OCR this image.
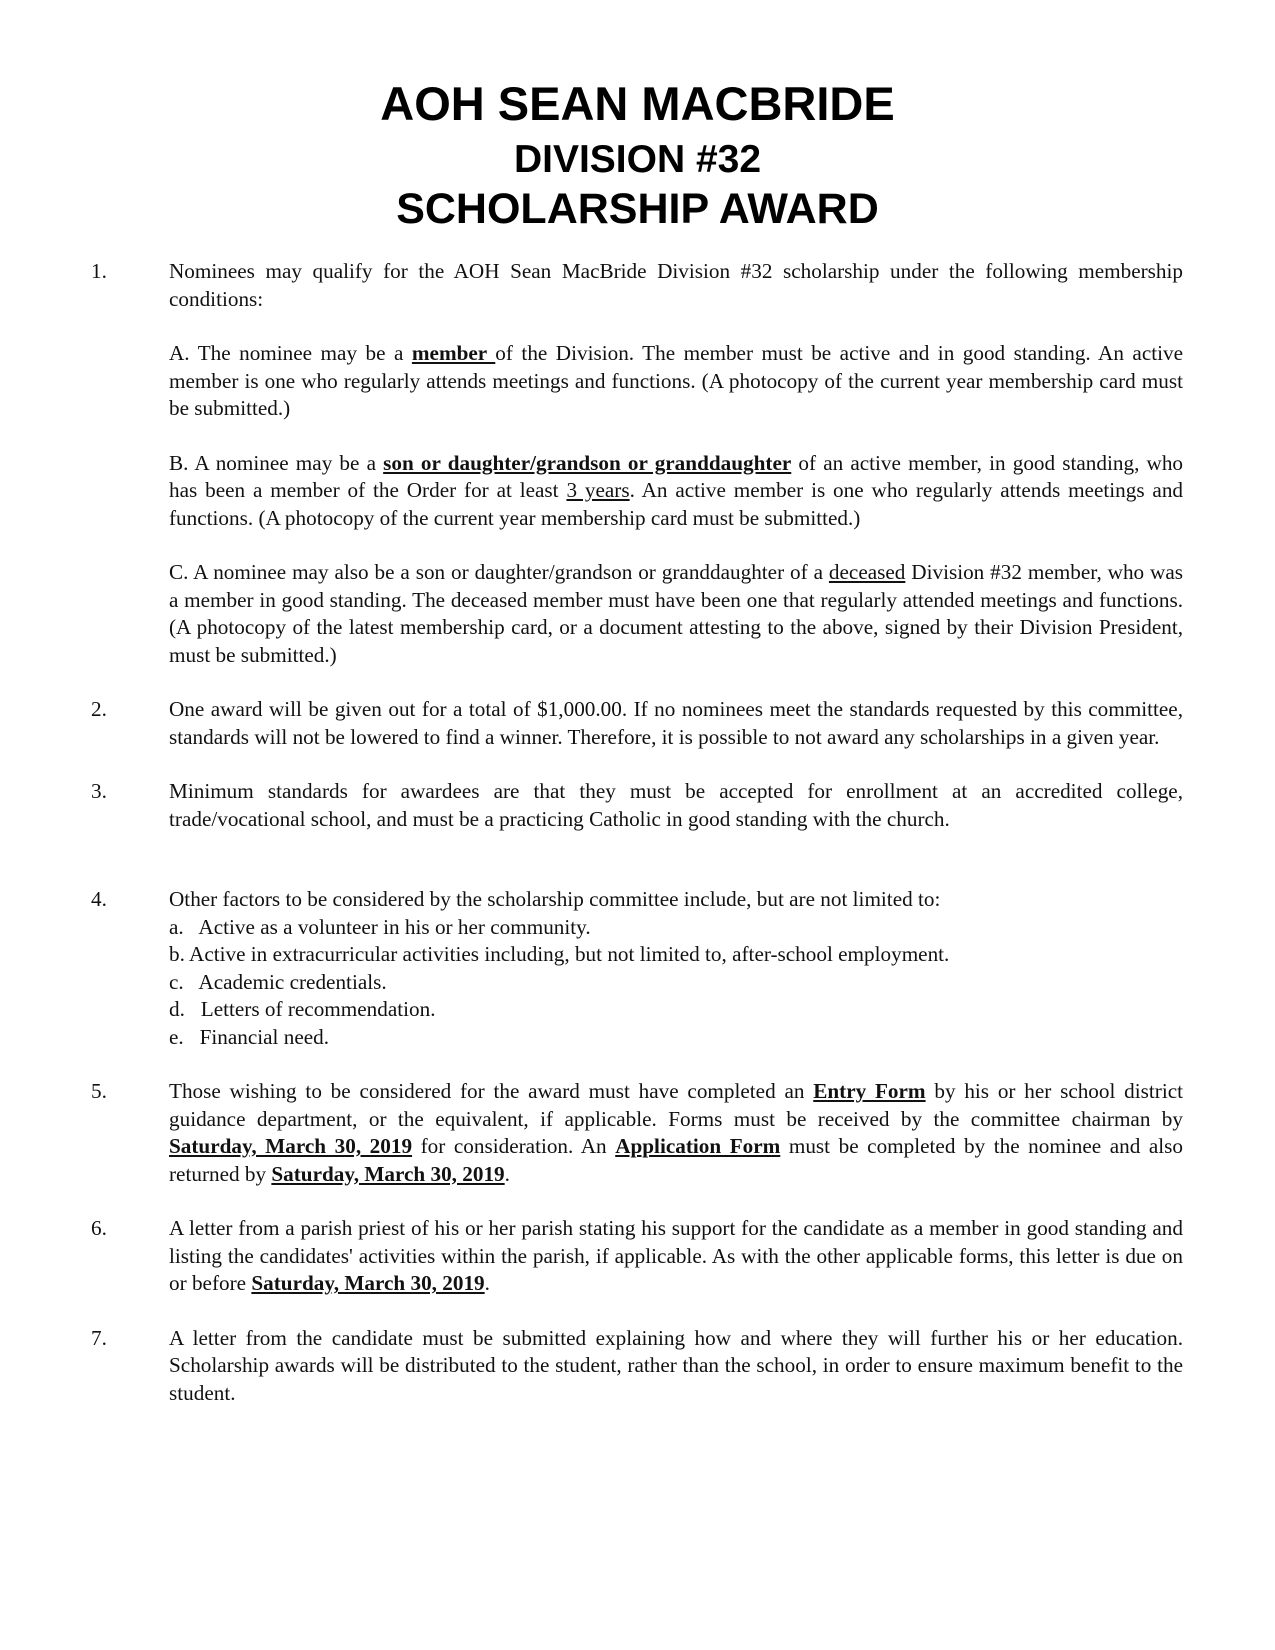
AOH SEAN MACBRIDE
DIVISION #32
SCHOLARSHIP AWARD
1.	Nominees may qualify for the AOH Sean MacBride Division #32 scholarship under the following membership conditions:
A. The nominee may be a member of the Division. The member must be active and in good standing. An active member is one who regularly attends meetings and functions. (A photocopy of the current year membership card must be submitted.)
B. A nominee may be a son or daughter/grandson or granddaughter of an active member, in good standing, who has been a member of the Order for at least 3 years. An active member is one who regularly attends meetings and functions. (A photocopy of the current year membership card must be submitted.)
C. A nominee may also be a son or daughter/grandson or granddaughter of a deceased Division #32 member, who was a member in good standing. The deceased member must have been one that regularly attended meetings and functions. (A photocopy of the latest membership card, or a document attesting to the above, signed by their Division President, must be submitted.)
2.	One award will be given out for a total of $1,000.00. If no nominees meet the standards requested by this committee, standards will not be lowered to find a winner. Therefore, it is possible to not award any scholarships in a given year.
3.	Minimum standards for awardees are that they must be accepted for enrollment at an accredited college, trade/vocational school, and must be a practicing Catholic in good standing with the church.
4.	Other factors to be considered by the scholarship committee include, but are not limited to:
a.   Active as a volunteer in his or her community.
b. Active in extracurricular activities including, but not limited to, after-school employment.
c.   Academic credentials.
d.   Letters of recommendation.
e.   Financial need.
5.	Those wishing to be considered for the award must have completed an Entry Form by his or her school district guidance department, or the equivalent, if applicable. Forms must be received by the committee chairman by Saturday, March 30, 2019 for consideration. An Application Form must be completed by the nominee and also returned by Saturday, March 30, 2019.
6.	A letter from a parish priest of his or her parish stating his support for the candidate as a member in good standing and listing the candidates' activities within the parish, if applicable. As with the other applicable forms, this letter is due on or before Saturday, March 30, 2019.
7.	A letter from the candidate must be submitted explaining how and where they will further his or her education. Scholarship awards will be distributed to the student, rather than the school, in order to ensure maximum benefit to the student.
